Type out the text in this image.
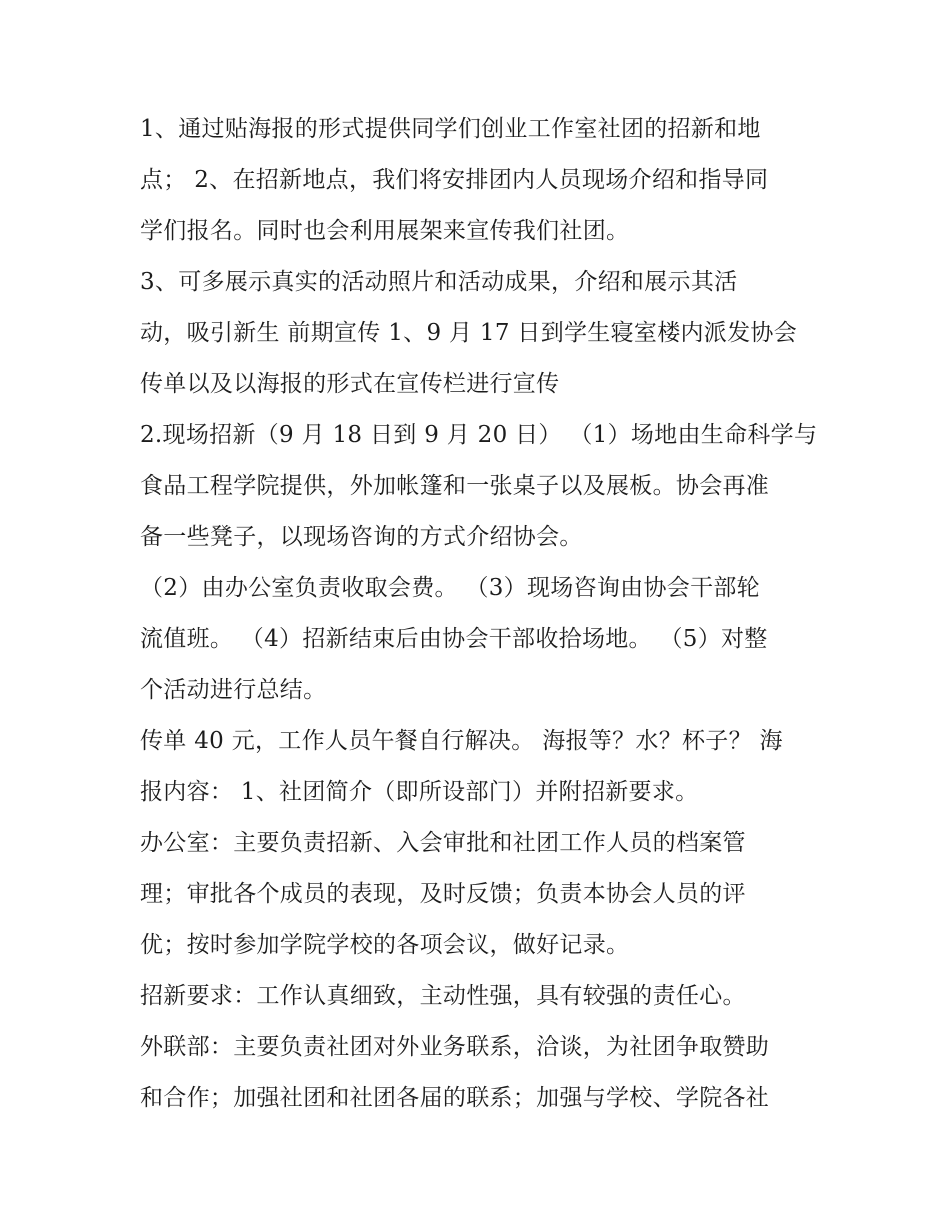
1、通过贴海报的形式提供同学们创业工作室社团的招新和地
点； 2、在招新地点，我们将安排团内人员现场介绍和指导同
学们报名。同时也会利用展架来宣传我们社团。
3、可多展示真实的活动照片和活动成果，介绍和展示其活
动，吸引新生 前期宣传 1、9 月 17 日到学生寝室楼内派发协会
传单以及以海报的形式在宣传栏进行宣传
2.现场招新（9 月 18 日到 9 月 20 日） （1）场地由生命科学与
食品工程学院提供，外加帐篷和一张桌子以及展板。协会再准
备一些凳子，以现场咨询的方式介绍协会。
（2）由办公室负责收取会费。 （3）现场咨询由协会干部轮
流值班。 （4）招新结束后由协会干部收拾场地。 （5）对整
个活动进行总结。
传单 40 元，工作人员午餐自行解决。 海报等？水？杯子？ 海
报内容： 1、社团简介（即所设部门）并附招新要求。
办公室：主要负责招新、入会审批和社团工作人员的档案管
理；审批各个成员的表现，及时反馈；负责本协会人员的评
优；按时参加学院学校的各项会议，做好记录。
招新要求：工作认真细致，主动性强，具有较强的责任心。
外联部：主要负责社团对外业务联系，洽谈，为社团争取赞助
和合作；加强社团和社团各届的联系；加强与学校、学院各社
